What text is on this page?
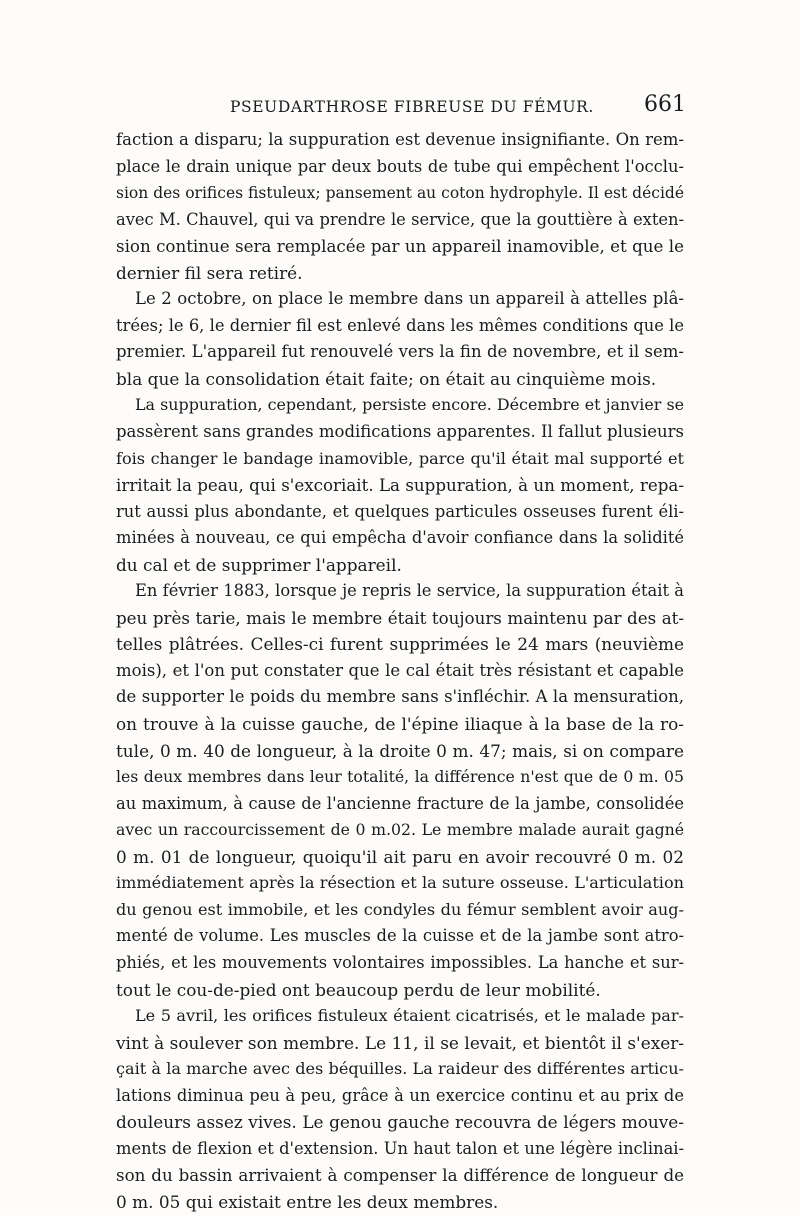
PSEUDARTHROSE FIBREUSE DU FÉMUR. 661
faction a disparu; la suppuration est devenue insignifiante. On rem-
place le drain unique par deux bouts de tube qui empêchent l'occlu-
sion des orifices fistuleux; pansement au coton hydrophyle. Il est décidé
avec M. Chauvel, qui va prendre le service, que la gouttière à exten-
sion continue sera remplacée par un appareil inamovible, et que le
dernier fil sera retiré.
Le 2 octobre, on place le membre dans un appareil à attelles plâ-
trées; le 6, le dernier fil est enlevé dans les mêmes conditions que le
premier. L'appareil fut renouvelé vers la fin de novembre, et il sem-
bla que la consolidation était faite; on était au cinquième mois.
La suppuration, cependant, persiste encore. Décembre et janvier se
passèrent sans grandes modifications apparentes. Il fallut plusieurs
fois changer le bandage inamovible, parce qu'il était mal supporté et
irritait la peau, qui s'excoriait. La suppuration, à un moment, repa-
rut aussi plus abondante, et quelques particules osseuses furent éli-
minées à nouveau, ce qui empêcha d'avoir confiance dans la solidité
du cal et de supprimer l'appareil.
En février 1883, lorsque je repris le service, la suppuration était à
peu près tarie, mais le membre était toujours maintenu par des at-
telles plâtrées. Celles-ci furent supprimées le 24 mars (neuvième
mois), et l'on put constater que le cal était très résistant et capable
de supporter le poids du membre sans s'infléchir. A la mensuration,
on trouve à la cuisse gauche, de l'épine iliaque à la base de la ro-
tule, 0 m. 40 de longueur, à la droite 0 m. 47; mais, si on compare
les deux membres dans leur totalité, la différence n'est que de 0 m. 05
au maximum, à cause de l'ancienne fracture de la jambe, consolidée
avec un raccourcissement de 0 m.02. Le membre malade aurait gagné
0 m. 01 de longueur, quoiqu'il ait paru en avoir recouvré 0 m. 02
immédiatement après la résection et la suture osseuse. L'articulation
du genou est immobile, et les condyles du fémur semblent avoir aug-
menté de volume. Les muscles de la cuisse et de la jambe sont atro-
phiés, et les mouvements volontaires impossibles. La hanche et sur-
tout le cou-de-pied ont beaucoup perdu de leur mobilité.
Le 5 avril, les orifices fistuleux étaient cicatrisés, et le malade par-
vint à soulever son membre. Le 11, il se levait, et bientôt il s'exer-
çait à la marche avec des béquilles. La raideur des différentes articu-
lations diminua peu à peu, grâce à un exercice continu et au prix de
douleurs assez vives. Le genou gauche recouvra de légers mouve-
ments de flexion et d'extension. Un haut talon et une légère inclinai-
son du bassin arrivaient à compenser la différence de longueur de
0 m. 05 qui existait entre les deux membres.
